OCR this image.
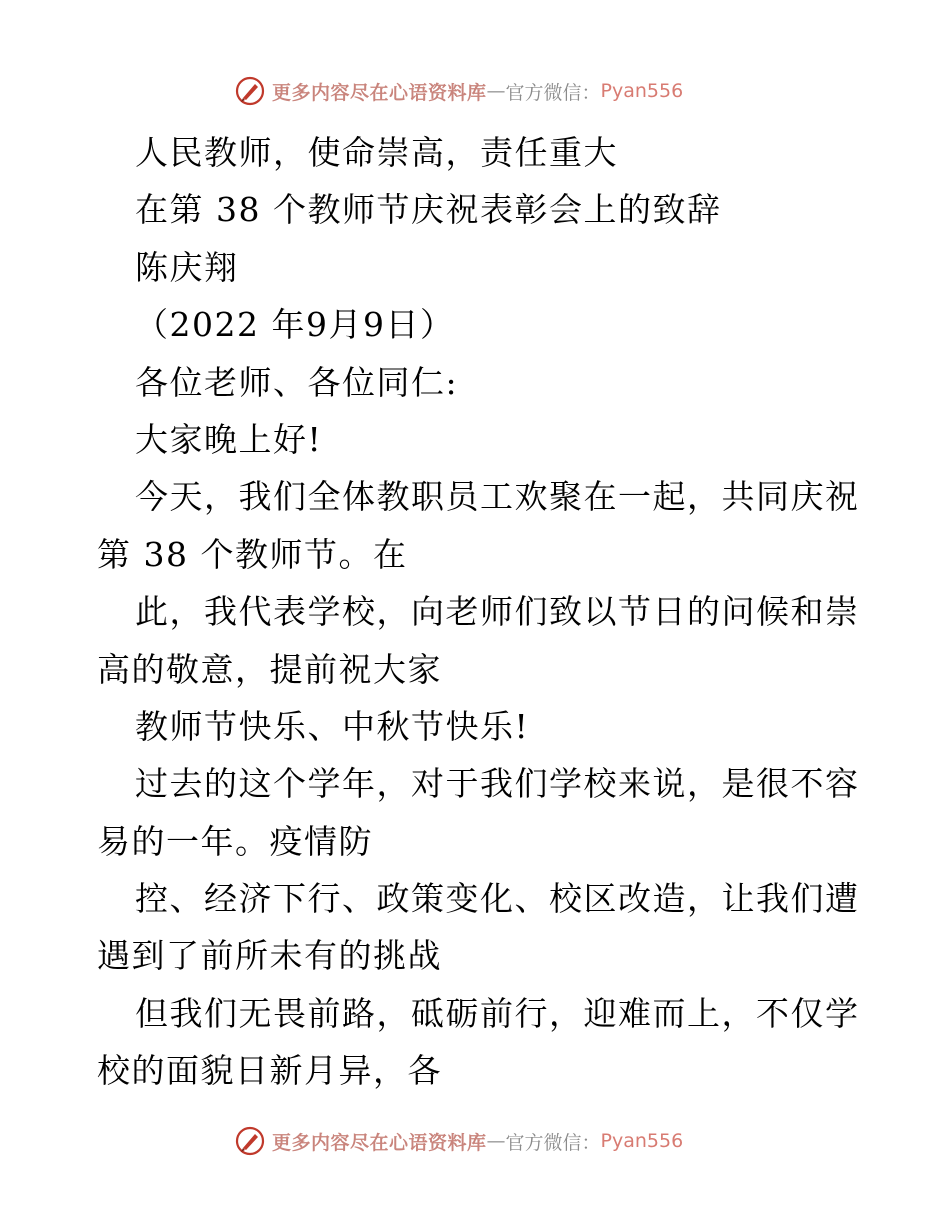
更多内容尽在心语资料库 — 官方微信： Pyan556
人民教师，使命崇高，责任重大
在第 38 个教师节庆祝表彰会上的致辞
陈庆翔
（2022 年9月9日）
各位老师、各位同仁:
大家晚上好!
今天，我们全体教职员工欢聚在一起，共同庆祝
第 38 个教师节。在
此，我代表学校，向老师们致以节日的问候和崇
高的敬意，提前祝大家
教师节快乐、中秋节快乐!
过去的这个学年，对于我们学校来说，是很不容
易的一年。疫情防
控、经济下行、政策变化、校区改造，让我们遭
遇到了前所未有的挑战
但我们无畏前路，砥砺前行，迎难而上，不仅学
校的面貌日新月异，各
更多内容尽在心语资料库 — 官方微信： Pyan556
